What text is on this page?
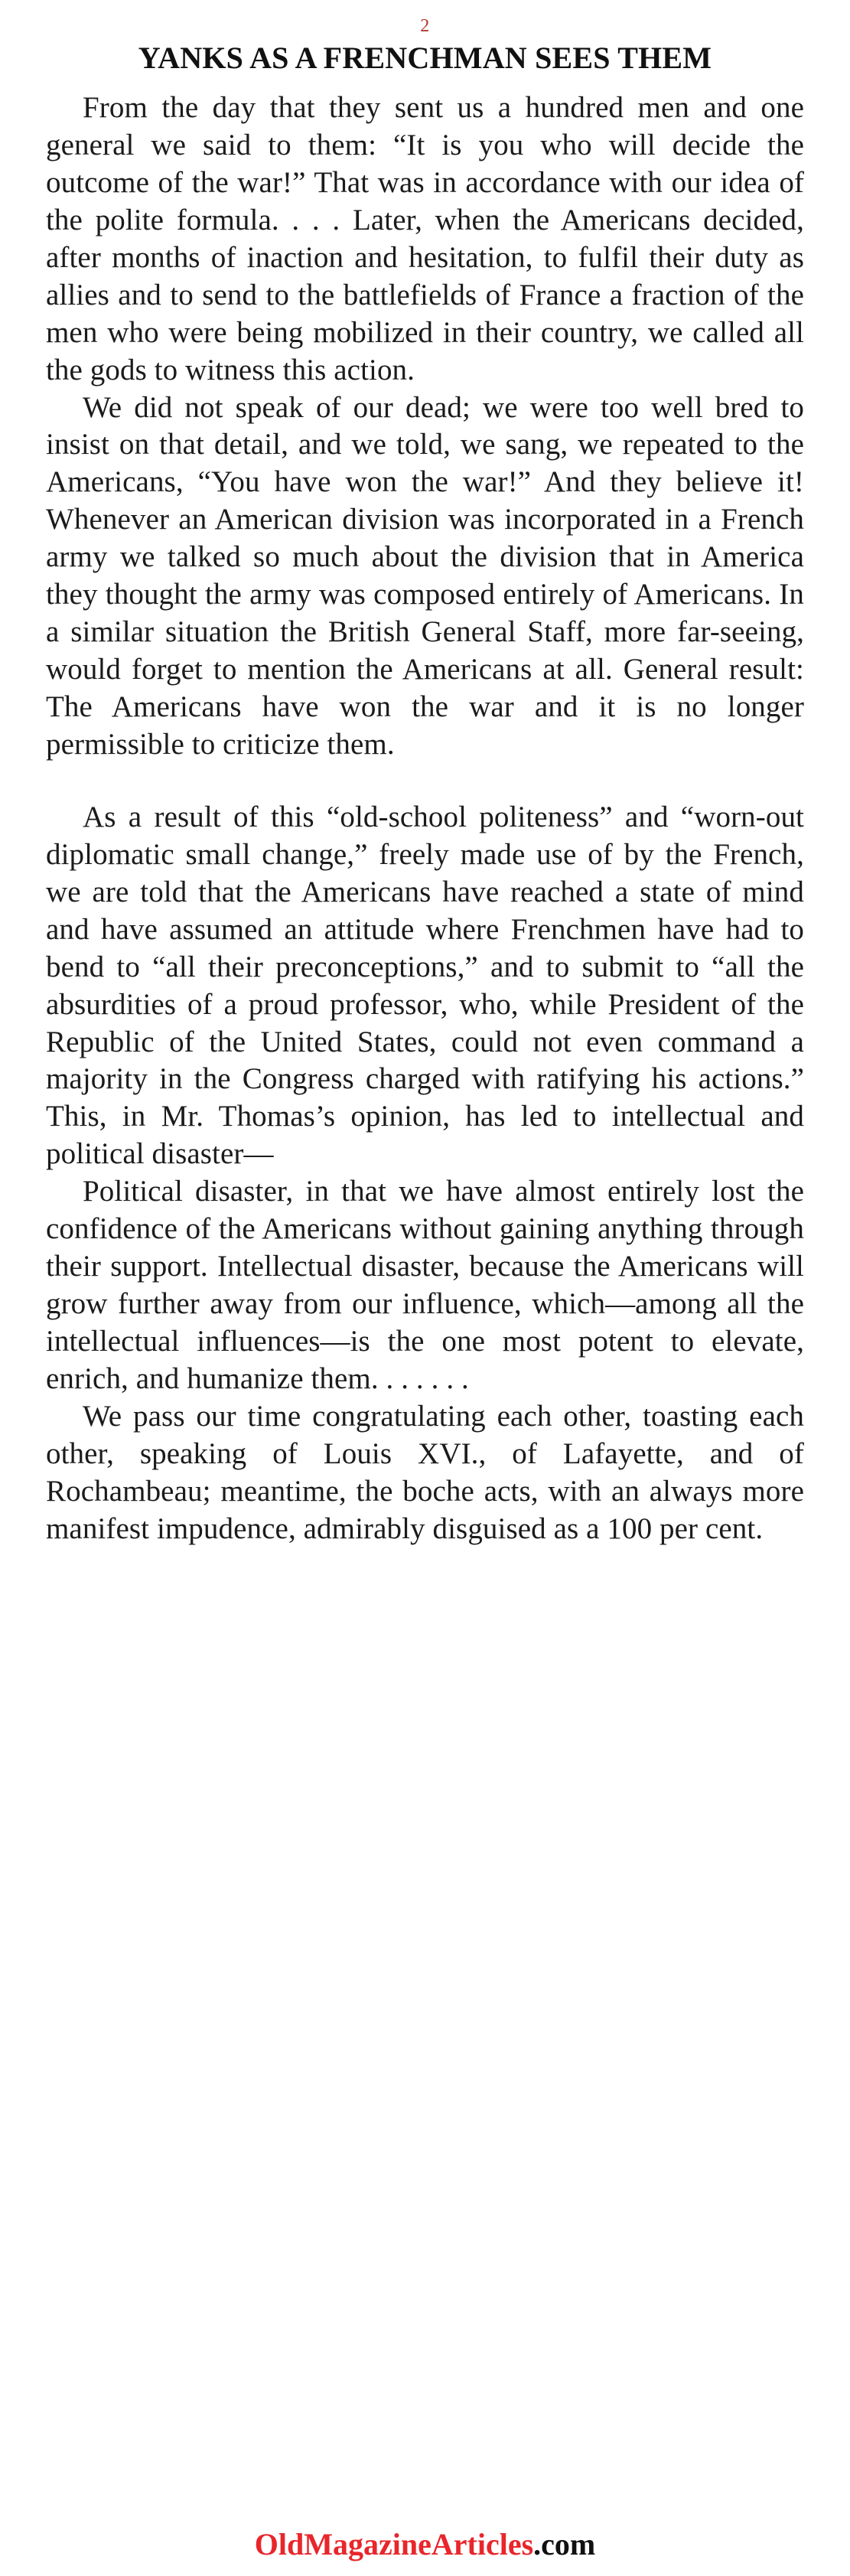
2
YANKS AS A FRENCHMAN SEES THEM

From the day that they sent us a hundred men and one general we said to them: “It is you who will decide the outcome of the war!” That was in accordance with our idea of the polite formula. . . . Later, when the Americans decided, after months of inaction and hesitation, to fulfil their duty as allies and to send to the battlefields of France a fraction of the men who were being mobilized in their country, we called all the gods to witness this action.

We did not speak of our dead; we were too well bred to insist on that detail, and we told, we sang, we repeated to the Americans, “You have won the war!” And they believe it! Whenever an American division was incorporated in a French army we talked so much about the division that in America they thought the army was composed entirely of Americans. In a similar situation the British General Staff, more far-seeing, would forget to mention the Americans at all. General result: The Americans have won the war and it is no longer permissible to criticize them.

As a result of this “old-school politeness” and “worn-out diplomatic small change,” freely made use of by the French, we are told that the Americans have reached a state of mind and have assumed an attitude where Frenchmen have had to bend to “all their preconceptions,” and to submit to “all the absurdities of a proud professor, who, while President of the Republic of the United States, could not even command a majority in the Congress charged with ratifying his actions.” This, in Mr. Thomas’s opinion, has led to intellectual and political disaster—

Political disaster, in that we have almost entirely lost the confidence of the Americans without gaining anything through their support. Intellectual disaster, because the Americans will grow further away from our influence, which—among all the intellectual influences—is the one most potent to elevate, enrich, and humanize them. . . . . . .

We pass our time congratulating each other, toasting each other, speaking of Louis XVI., of Lafayette, and of Rochambeau; meantime, the boche acts, with an always more manifest impudence, admirably disguised as a 100 per cent.

OldMagazineArticles.com
